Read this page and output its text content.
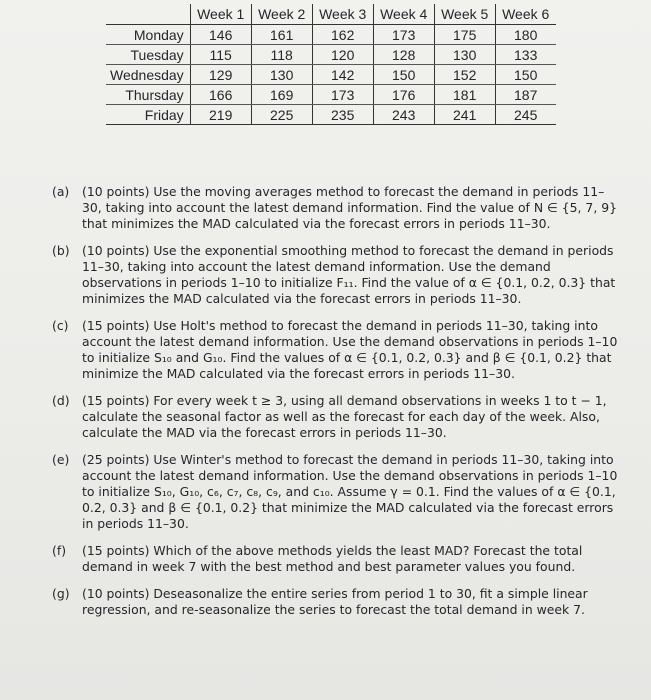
	Week 1	Week 2	Week 3	Week 4	Week 5	Week 6
Monday	146	161	162	173	175	180
Tuesday	115	118	120	128	130	133
Wednesday	129	130	142	150	152	150
Thursday	166	169	173	176	181	187
Friday	219	225	235	243	241	245
(a)	(10 points) Use the moving averages method to forecast the demand in periods 11–30, taking into account the latest demand information. Find the value of N ∈ {5, 7, 9} that minimizes the MAD calculated via the forecast errors in periods 11–30.
(b)	(10 points) Use the exponential smoothing method to forecast the demand in periods 11–30, taking into account the latest demand information. Use the demand observations in periods 1–10 to initialize F₁₁. Find the value of α ∈ {0.1, 0.2, 0.3} that minimizes the MAD calculated via the forecast errors in periods 11–30.
(c)	(15 points) Use Holt's method to forecast the demand in periods 11–30, taking into account the latest demand information. Use the demand observations in periods 1–10 to initialize S₁₀ and G₁₀. Find the values of α ∈ {0.1, 0.2, 0.3} and β ∈ {0.1, 0.2} that minimize the MAD calculated via the forecast errors in periods 11–30.
(d)	(15 points) For every week t ≥ 3, using all demand observations in weeks 1 to t − 1, calculate the seasonal factor as well as the forecast for each day of the week. Also, calculate the MAD via the forecast errors in periods 11–30.
(e)	(25 points) Use Winter's method to forecast the demand in periods 11–30, taking into account the latest demand information. Use the demand observations in periods 1–10 to initialize S₁₀, G₁₀, c₆, c₇, c₈, c₉, and c₁₀. Assume γ = 0.1. Find the values of α ∈ {0.1, 0.2, 0.3} and β ∈ {0.1, 0.2} that minimize the MAD calculated via the forecast errors in periods 11–30.
(f)	(15 points) Which of the above methods yields the least MAD? Forecast the total demand in week 7 with the best method and best parameter values you found.
(g)	(10 points) Deseasonalize the entire series from period 1 to 30, fit a simple linear regression, and re-seasonalize the series to forecast the total demand in week 7.
